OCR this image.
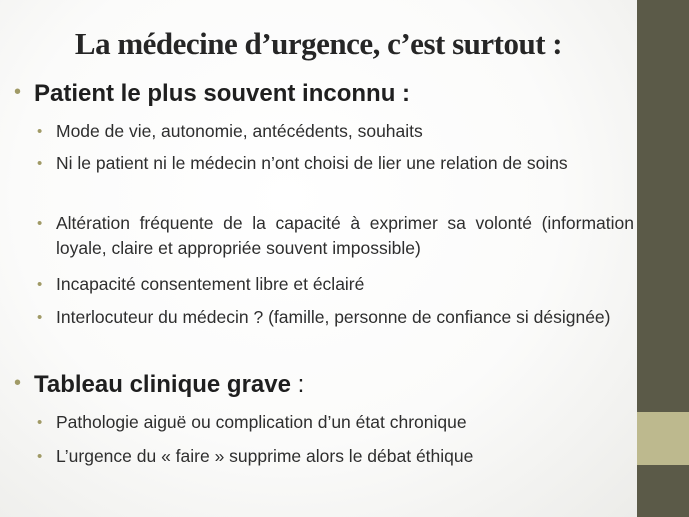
La médecine d’urgence, c’est surtout :
• Patient le plus souvent inconnu :
• Mode de vie, autonomie, antécédents, souhaits
• Ni le patient ni le médecin n’ont choisi de lier une relation de soins
• Altération fréquente de la capacité à exprimer sa volonté (information loyale, claire et appropriée souvent impossible)
• Incapacité consentement libre et éclairé
• Interlocuteur du médecin ? (famille, personne de confiance si désignée)
• Tableau clinique grave :
• Pathologie aiguë ou complication d’un état chronique
• L’urgence du « faire » supprime alors le débat éthique
